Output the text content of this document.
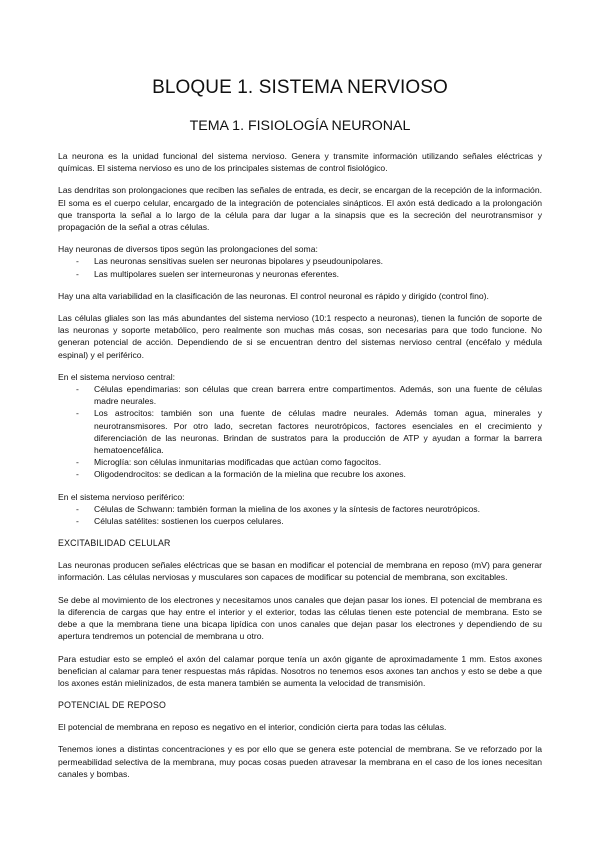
BLOQUE 1. SISTEMA NERVIOSO
TEMA 1. FISIOLOGÍA NEURONAL

La neurona es la unidad funcional del sistema nervioso. Genera y transmite información utilizando señales eléctricas y químicas. El sistema nervioso es uno de los principales sistemas de control fisiológico.

Las dendritas son prolongaciones que reciben las señales de entrada, es decir, se encargan de la recepción de la información. El soma es el cuerpo celular, encargado de la integración de potenciales sinápticos. El axón está dedicado a la prolongación que transporta la señal a lo largo de la célula para dar lugar a la sinapsis que es la secreción del neurotransmisor y propagación de la señal a otras células.

Hay neuronas de diversos tipos según las prolongaciones del soma:

- Las neuronas sensitivas suelen ser neuronas bipolares y pseudounipolares.
- Las multipolares suelen ser interneuronas y neuronas eferentes.

Hay una alta variabilidad en la clasificación de las neuronas. El control neuronal es rápido y dirigido (control fino).

Las células gliales son las más abundantes del sistema nervioso (10:1 respecto a neuronas), tienen la función de soporte de las neuronas y soporte metabólico, pero realmente son muchas más cosas, son necesarias para que todo funcione. No generan potencial de acción. Dependiendo de si se encuentran dentro del sistemas nervioso central (encéfalo y médula espinal) y el periférico.

En el sistema nervioso central:

- Células ependimarias: son células que crean barrera entre compartimentos. Además, son una fuente de células madre neurales.
- Los astrocitos: también son una fuente de células madre neurales. Además toman agua, minerales y neurotransmisores. Por otro lado, secretan factores neurotrópicos, factores esenciales en el crecimiento y diferenciación de las neuronas. Brindan de sustratos para la producción de ATP y ayudan a formar la barrera hematoencefálica.
- Microglía: son células inmunitarias modificadas que actúan como fagocitos.
- Oligodendrocitos: se dedican a la formación de la mielina que recubre los axones.

En el sistema nervioso periférico:

- Células de Schwann: también forman la mielina de los axones y la síntesis de factores neurotrópicos.
- Células satélites: sostienen los cuerpos celulares.

EXCITABILIDAD CELULAR

Las neuronas producen señales eléctricas que se basan en modificar el potencial de membrana en reposo (mV) para generar información. Las células nerviosas y musculares son capaces de modificar su potencial de membrana, son excitables.

Se debe al movimiento de los electrones y necesitamos unos canales que dejan pasar los iones. El potencial de membrana es la diferencia de cargas que hay entre el interior y el exterior, todas las células tienen este potencial de membrana. Esto se debe a que la membrana tiene una bicapa lipídica con unos canales que dejan pasar los electrones y dependiendo de su apertura tendremos un potencial de membrana u otro.

Para estudiar esto se empleó el axón del calamar porque tenía un axón gigante de aproximadamente 1 mm. Estos axones benefician al calamar para tener respuestas más rápidas. Nosotros no tenemos esos axones tan anchos y esto se debe a que los axones están mielinizados, de esta manera también se aumenta la velocidad de transmisión.

POTENCIAL DE REPOSO

El potencial de membrana en reposo es negativo en el interior, condición cierta para todas las células.

Tenemos iones a distintas concentraciones y es por ello que se genera este potencial de membrana. Se ve reforzado por la permeabilidad selectiva de la membrana, muy pocas cosas pueden atravesar la membrana en el caso de los iones necesitan canales y bombas.
